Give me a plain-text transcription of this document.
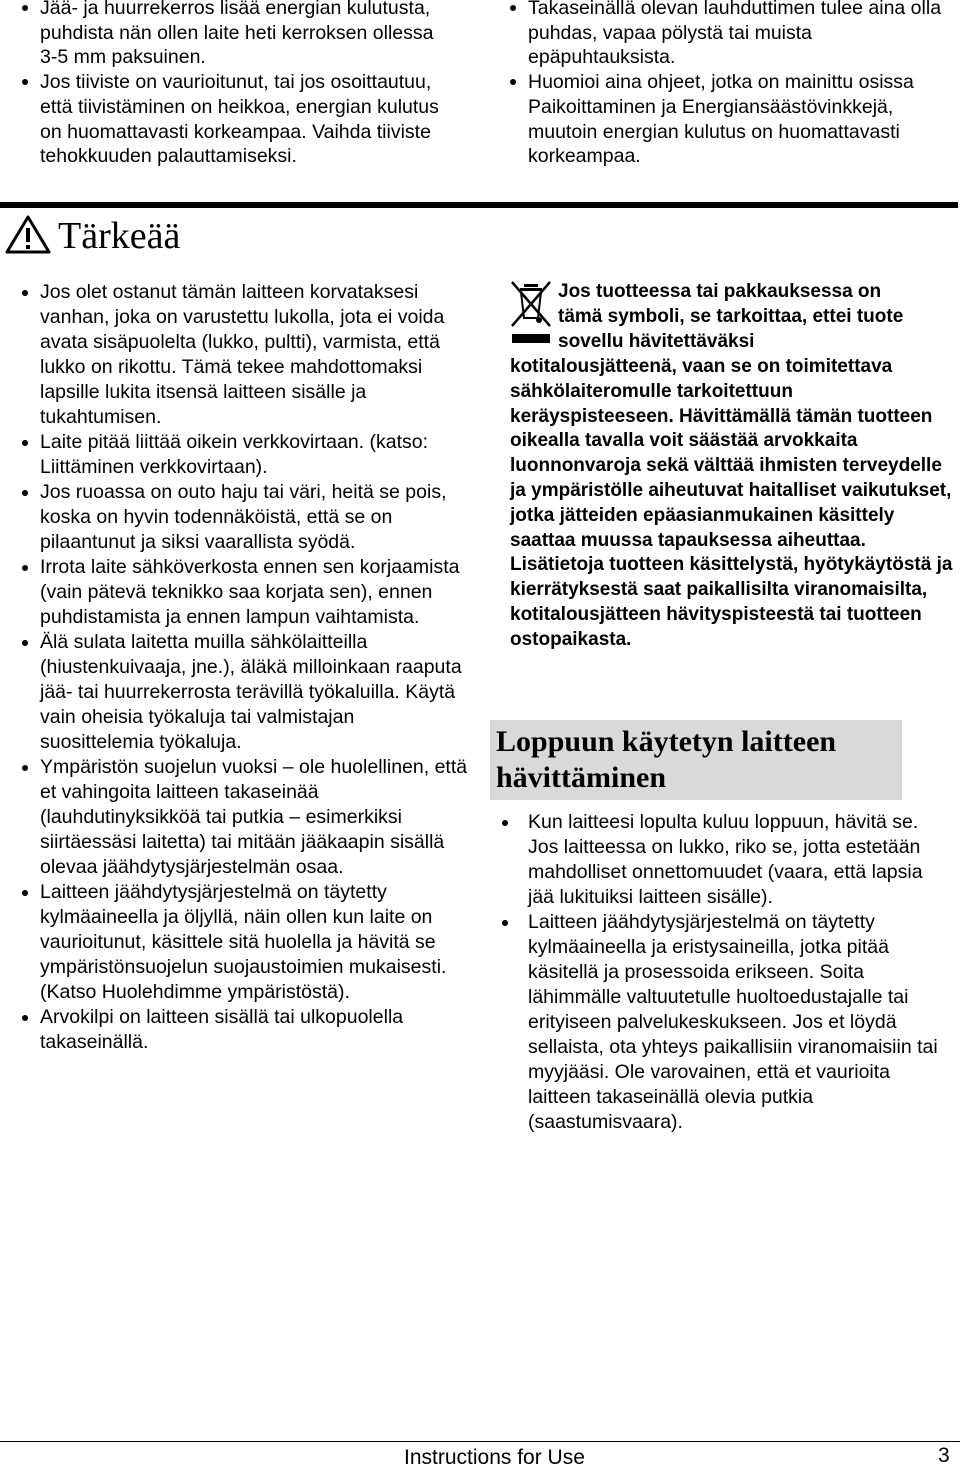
Jää- ja huurrekerros lisää energian kulutusta, puhdista nän ollen laite heti kerroksen ollessa 3-5 mm paksuinen.
Jos tiiviste on vaurioitunut, tai jos osoittautuu, että tiivistäminen on heikkoa, energian kulutus on huomattavasti korkeampaa. Vaihda tiiviste tehokkuuden palauttamiseksi.
Takaseinällä olevan lauhduttimen tulee aina olla puhdas, vapaa pölystä tai muista epäpuhtauksista.
Huomioi aina ohjeet, jotka on mainittu osissa Paikoittaminen ja Energiansäästövinkkejä, muutoin energian kulutus on huomattavasti korkeampaa.
Tärkeää
Jos olet ostanut tämän laitteen korvataksesi vanhan, joka on varustettu lukolla, jota ei voida avata sisäpuolelta (lukko, pultti), varmista, että lukko on rikottu. Tämä tekee mahdottomaksi lapsille lukita itsensä laitteen sisälle ja tukahtumisen.
Laite pitää liittää oikein verkkovirtaan. (katso: Liittäminen verkkovirtaan).
Jos ruoassa on outo haju tai väri, heitä se pois, koska on hyvin todennäköistä, että se on pilaantunut ja siksi vaarallista syödä.
Irrota laite sähköverkosta ennen sen korjaamista (vain pätevä teknikko saa korjata sen), ennen puhdistamista ja ennen lampun vaihtamista.
Älä sulata laitetta muilla sähkölaitteilla (hiustenkuivaaja, jne.), äläkä milloinkaan raaputa jää- tai huurrekerrosta terävillä työkaluilla. Käytä vain oheisia työkaluja tai valmistajan suosittelemia työkaluja.
Ympäristön suojelun vuoksi – ole huolellinen, että et vahingoita laitteen takaseinää (lauhdutinyksikköä tai putkia – esimerkiksi siirtäessäsi laitetta) tai mitään jääkaapin sisällä olevaa jäähdytysjärjestelmän osaa.
Laitteen jäähdytysjärjestelmä on täytetty kylmäaineella ja öljyllä, näin ollen kun laite on vaurioitunut, käsittele sitä huolella ja hävitä se ympäristönsuojelun suojaustoimien mukaisesti. (Katso Huolehdimme ympäristöstä).
Arvokilpi on laitteen sisällä tai ulkopuolella takaseinällä.
Jos tuotteessa tai pakkauksessa on
tämä symboli, se tarkoittaa, ettei tuote
sovellu hävitettäväksi
kotitalousjätteenä, vaan se on toimitettava sähkölaiteromulle tarkoitettuun keräyspisteeseen. Hävittämällä tämän tuotteen oikealla tavalla voit säästää arvokkaita luonnonvaroja sekä välttää ihmisten terveydelle ja ympäristölle aiheutuvat haitalliset vaikutukset, jotka jätteiden epäasianmukainen käsittely saattaa muussa tapauksessa aiheuttaa. Lisätietoja tuotteen käsittelystä, hyötykäytöstä ja kierrätyksestä saat paikallisilta viranomaisilta, kotitalousjätteen hävityspisteestä tai tuotteen ostopaikasta.
Loppuun käytetyn laitteen hävittäminen
Kun laitteesi lopulta kuluu loppuun, hävitä se. Jos laitteessa on lukko, riko se, jotta estetään mahdolliset onnettomuudet (vaara, että lapsia jää lukituiksi laitteen sisälle).
Laitteen jäähdytysjärjestelmä on täytetty kylmäaineella ja eristysaineilla, jotka pitää käsitellä ja prosessoida erikseen. Soita lähimmälle valtuutetulle huoltoedustajalle tai erityiseen palvelukeskukseen. Jos et löydä sellaista, ota yhteys paikallisiin viranomaisiin tai myyjääsi. Ole varovainen, että et vaurioita laitteen takaseinällä olevia putkia (saastumisvaara).
Instructions for Use	3
